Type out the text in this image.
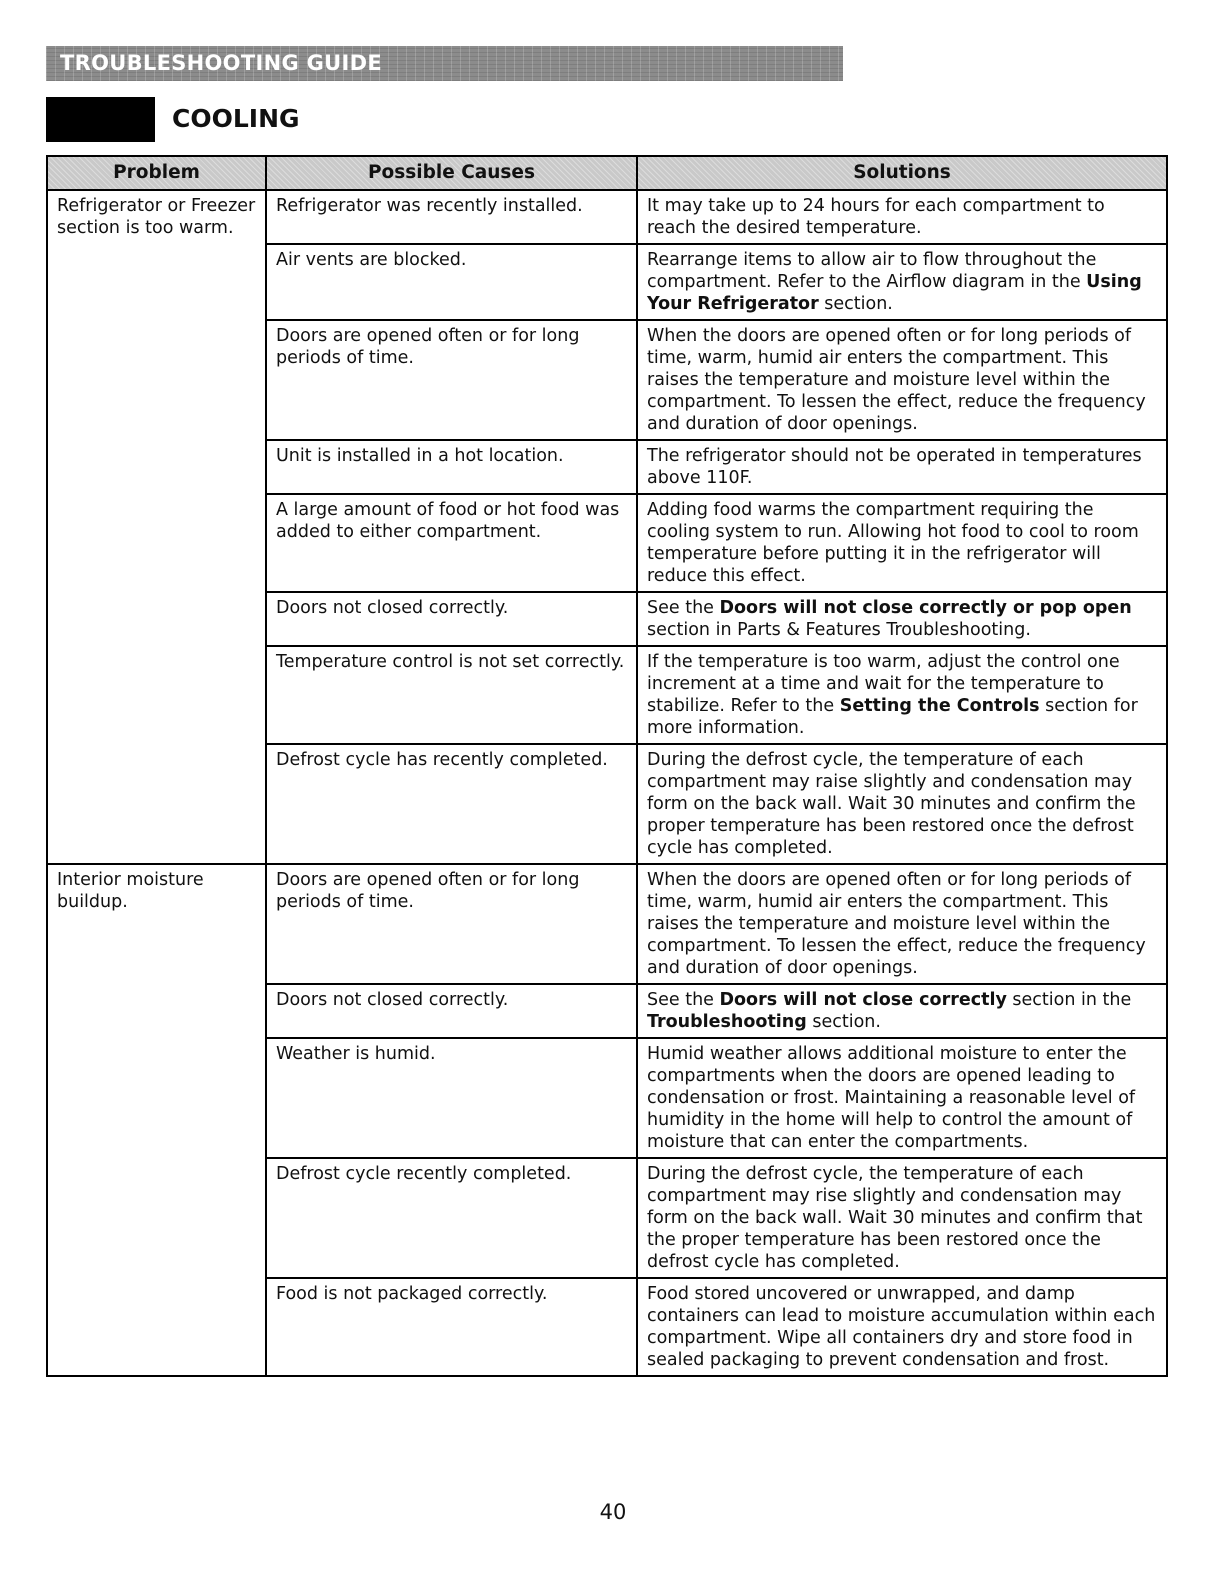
TROUBLESHOOTING GUIDE
COOLING
Problem	Possible Causes	Solutions
Refrigerator or Freezer section is too warm.	Refrigerator was recently installed.	It may take up to 24 hours for each compartment to reach the desired temperature.
	Air vents are blocked.	Rearrange items to allow air to flow throughout the compartment. Refer to the Airflow diagram in the Using Your Refrigerator section.
	Doors are opened often or for long periods of time.	When the doors are opened often or for long periods of time, warm, humid air enters the compartment. This raises the temperature and moisture level within the compartment. To lessen the effect, reduce the frequency and duration of door openings.
	Unit is installed in a hot location.	The refrigerator should not be operated in temperatures above 110F.
	A large amount of food or hot food was added to either compartment.	Adding food warms the compartment requiring the cooling system to run. Allowing hot food to cool to room temperature before putting it in the refrigerator will reduce this effect.
	Doors not closed correctly.	See the Doors will not close correctly or pop open section in Parts & Features Troubleshooting.
	Temperature control is not set correctly.	If the temperature is too warm, adjust the control one increment at a time and wait for the temperature to stabilize. Refer to the Setting the Controls section for more information.
	Defrost cycle has recently completed.	During the defrost cycle, the temperature of each compartment may raise slightly and condensation may form on the back wall. Wait 30 minutes and confirm the proper temperature has been restored once the defrost cycle has completed.
Interior moisture buildup.	Doors are opened often or for long periods of time.	When the doors are opened often or for long periods of time, warm, humid air enters the compartment. This raises the temperature and moisture level within the compartment. To lessen the effect, reduce the frequency and duration of door openings.
	Doors not closed correctly.	See the Doors will not close correctly section in the Troubleshooting section.
	Weather is humid.	Humid weather allows additional moisture to enter the compartments when the doors are opened leading to condensation or frost. Maintaining a reasonable level of humidity in the home will help to control the amount of moisture that can enter the compartments.
	Defrost cycle recently completed.	During the defrost cycle, the temperature of each compartment may rise slightly and condensation may form on the back wall. Wait 30 minutes and confirm that the proper temperature has been restored once the defrost cycle has completed.
	Food is not packaged correctly.	Food stored uncovered or unwrapped, and damp containers can lead to moisture accumulation within each compartment. Wipe all containers dry and store food in sealed packaging to prevent condensation and frost.
40
